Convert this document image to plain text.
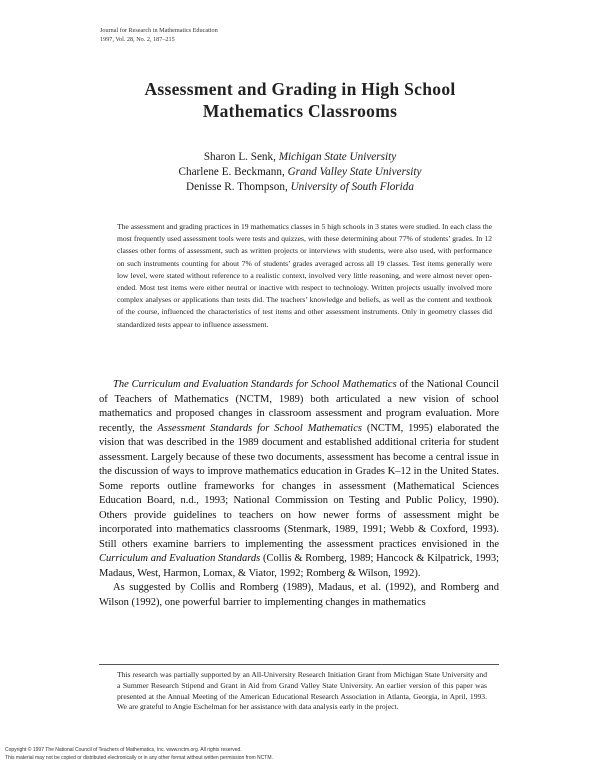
Journal for Research in Mathematics Education
1997, Vol. 28, No. 2, 187–215
Assessment and Grading in High School
Mathematics Classrooms
Sharon L. Senk, Michigan State University
Charlene E. Beckmann, Grand Valley State University
Denisse R. Thompson, University of South Florida
The assessment and grading practices in 19 mathematics classes in 5 high schools in 3 states were studied. In each class the most frequently used assessment tools were tests and quizzes, with these determining about 77% of students’ grades. In 12 classes other forms of assessment, such as written projects or interviews with students, were also used, with performance on such instruments counting for about 7% of students’ grades averaged across all 19 classes. Test items generally were low level, were stated without reference to a realistic context, involved very little reasoning, and were almost never open-ended. Most test items were either neutral or inactive with respect to technology. Written projects usually involved more complex analyses or applications than tests did. The teachers’ knowledge and beliefs, as well as the content and textbook of the course, influenced the characteristics of test items and other assessment instruments. Only in geometry classes did standardized tests appear to influence assessment.

The Curriculum and Evaluation Standards for School Mathematics of the National Council of Teachers of Mathematics (NCTM, 1989) both articulated a new vision of school mathematics and proposed changes in classroom assessment and program evaluation. More recently, the Assessment Standards for School Mathematics (NCTM, 1995) elaborated the vision that was described in the 1989 document and established additional criteria for student assessment. Largely because of these two documents, assessment has become a central issue in the discussion of ways to improve mathematics education in Grades K–12 in the United States. Some reports outline frameworks for changes in assessment (Mathematical Sciences Education Board, n.d., 1993; National Commission on Testing and Public Policy, 1990). Others provide guidelines to teachers on how newer forms of assessment might be incorporated into mathematics classrooms (Stenmark, 1989, 1991; Webb & Coxford, 1993). Still others examine barriers to implementing the assessment practices envisioned in the Curriculum and Evaluation Standards (Collis & Romberg, 1989; Hancock & Kilpatrick, 1993; Madaus, West, Harmon, Lomax, & Viator, 1992; Romberg & Wilson, 1992).

As suggested by Collis and Romberg (1989), Madaus, et al. (1992), and Romberg and Wilson (1992), one powerful barrier to implementing changes in mathematics

This research was partially supported by an All-University Research Initiation Grant from Michigan State University and a Summer Research Stipend and Grant in Aid from Grand Valley State University. An earlier version of this paper was presented at the Annual Meeting of the American Educational Research Association in Atlanta, Georgia, in April, 1993. We are grateful to Angie Eschelman for her assistance with data analysis early in the project.
Copyright © 1997 The National Council of Teachers of Mathematics, Inc. www.nctm.org. All rights reserved.
This material may not be copied or distributed electronically or in any other format without written permission from NCTM.
